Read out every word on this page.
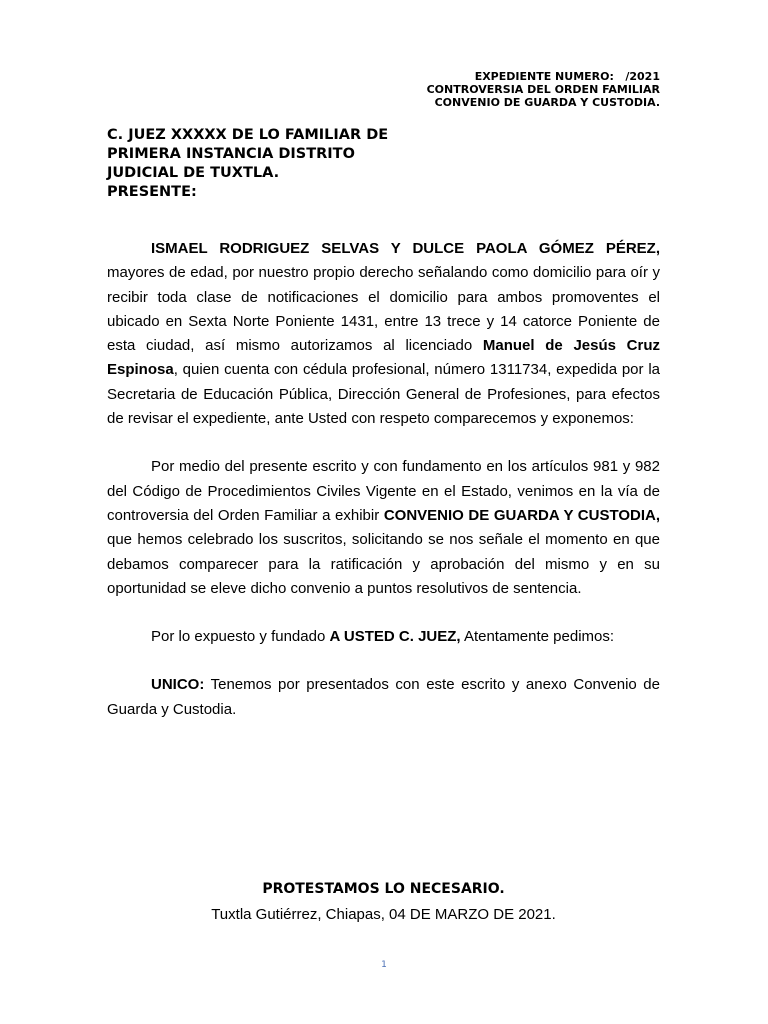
EXPEDIENTE NUMERO:   /2021
CONTROVERSIA DEL ORDEN FAMILIAR
CONVENIO DE GUARDA Y CUSTODIA.
C. JUEZ XXXXX DE LO FAMILIAR DE
PRIMERA INSTANCIA DISTRITO
JUDICIAL DE TUXTLA.
PRESENTE:

ISMAEL RODRIGUEZ SELVAS Y DULCE PAOLA GÓMEZ PÉREZ, mayores de edad, por nuestro propio derecho señalando como domicilio para oír y recibir toda clase de notificaciones el domicilio para ambos promoventes el ubicado en Sexta Norte Poniente 1431, entre 13 trece y 14 catorce Poniente de esta ciudad, así mismo autorizamos al licenciado Manuel de Jesús Cruz Espinosa, quien cuenta con cédula profesional, número 1311734, expedida por la Secretaria de Educación Pública, Dirección General de Profesiones, para efectos de revisar el expediente, ante Usted con respeto comparecemos y exponemos:

Por medio del presente escrito y con fundamento en los artículos 981 y 982 del Código de Procedimientos Civiles Vigente en el Estado, venimos en la vía de controversia del Orden Familiar a exhibir CONVENIO DE GUARDA Y CUSTODIA, que hemos celebrado los suscritos, solicitando se nos señale el momento en que debamos comparecer para la ratificación y aprobación del mismo y en su oportunidad se eleve dicho convenio a puntos resolutivos de sentencia.

Por lo expuesto y fundado A USTED C. JUEZ, Atentamente pedimos:

UNICO: Tenemos por presentados con este escrito y anexo Convenio de Guarda y Custodia.

PROTESTAMOS LO NECESARIO.
Tuxtla Gutiérrez, Chiapas, 04 DE MARZO DE 2021.
1
